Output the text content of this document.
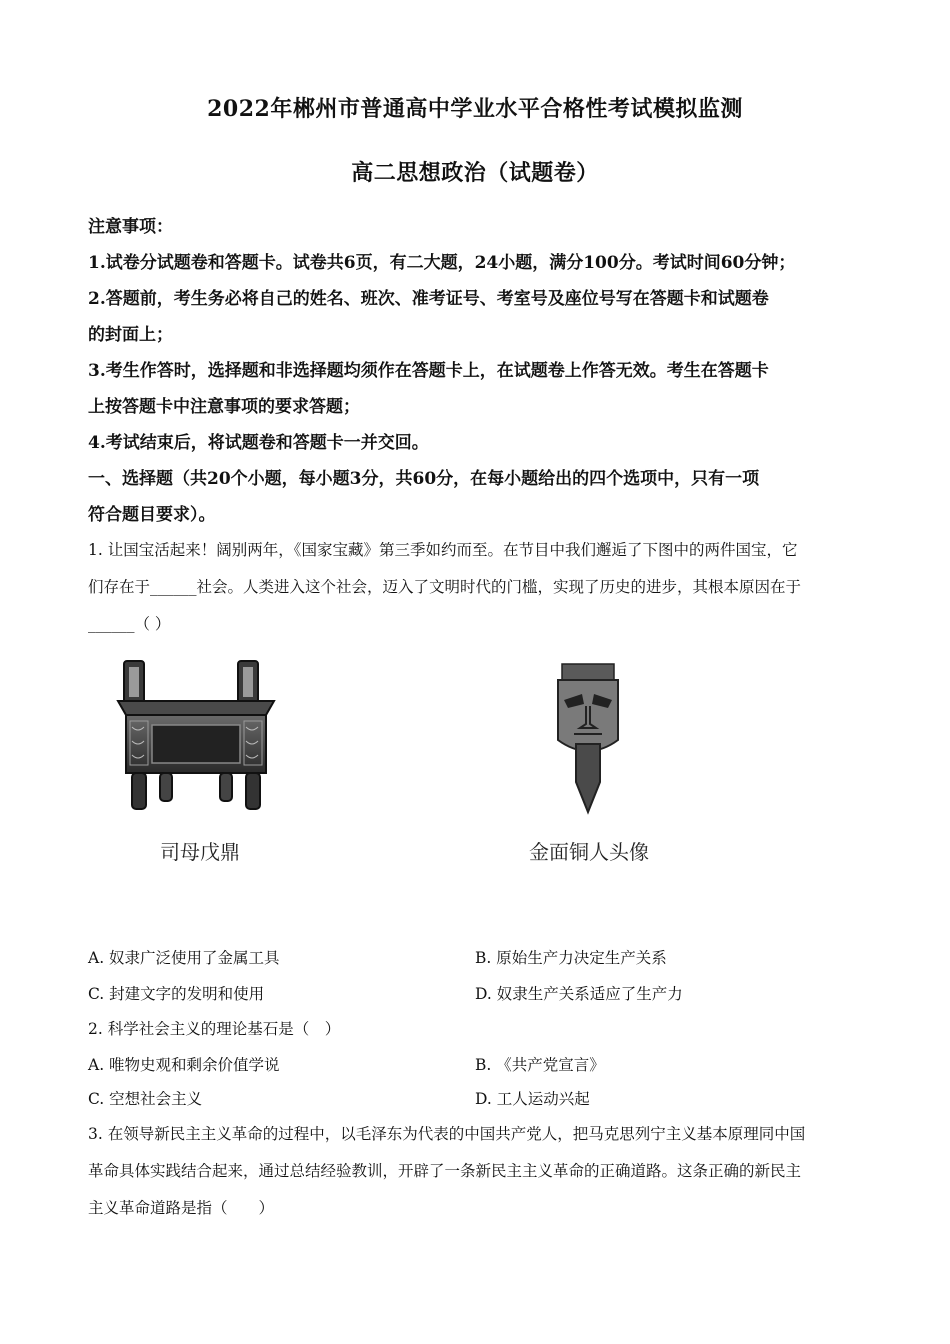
2022年郴州市普通高中学业水平合格性考试模拟监测
高二思想政治（试题卷）
注意事项：
1.试卷分试题卷和答题卡。试卷共6页，有二大题，24小题，满分100分。考试时间60分钟；
2.答题前，考生务必将自己的姓名、班次、准考证号、考室号及座位号写在答题卡和试题卷
的封面上；
3.考生作答时，选择题和非选择题均须作在答题卡上，在试题卷上作答无效。考生在答题卡
上按答题卡中注意事项的要求答题；
4.考试结束后，将试题卷和答题卡一并交回。
一、选择题（共20个小题，每小题3分，共60分，在每小题给出的四个选项中，只有一项
符合题目要求）。
1. 让国宝活起来！阔别两年，《国家宝藏》第三季如约而至。在节目中我们邂逅了下图中的两件国宝，它
们存在于______社会。人类进入这个社会，迈入了文明时代的门槛，实现了历史的进步，其根本原因在于
______（ ）
司母戊鼎	金面铜人头像
A. 奴隶广泛使用了金属工具	B. 原始生产力决定生产关系
C. 封建文字的发明和使用	D. 奴隶生产关系适应了生产力
2. 科学社会主义的理论基石是（　）
A. 唯物史观和剩余价值学说	B. 《共产党宣言》
C. 空想社会主义	D. 工人运动兴起
3. 在领导新民主主义革命的过程中，以毛泽东为代表的中国共产党人，把马克思列宁主义基本原理同中国
革命具体实践结合起来，通过总结经验教训，开辟了一条新民主主义革命的正确道路。这条正确的新民主
主义革命道路是指（　　）
